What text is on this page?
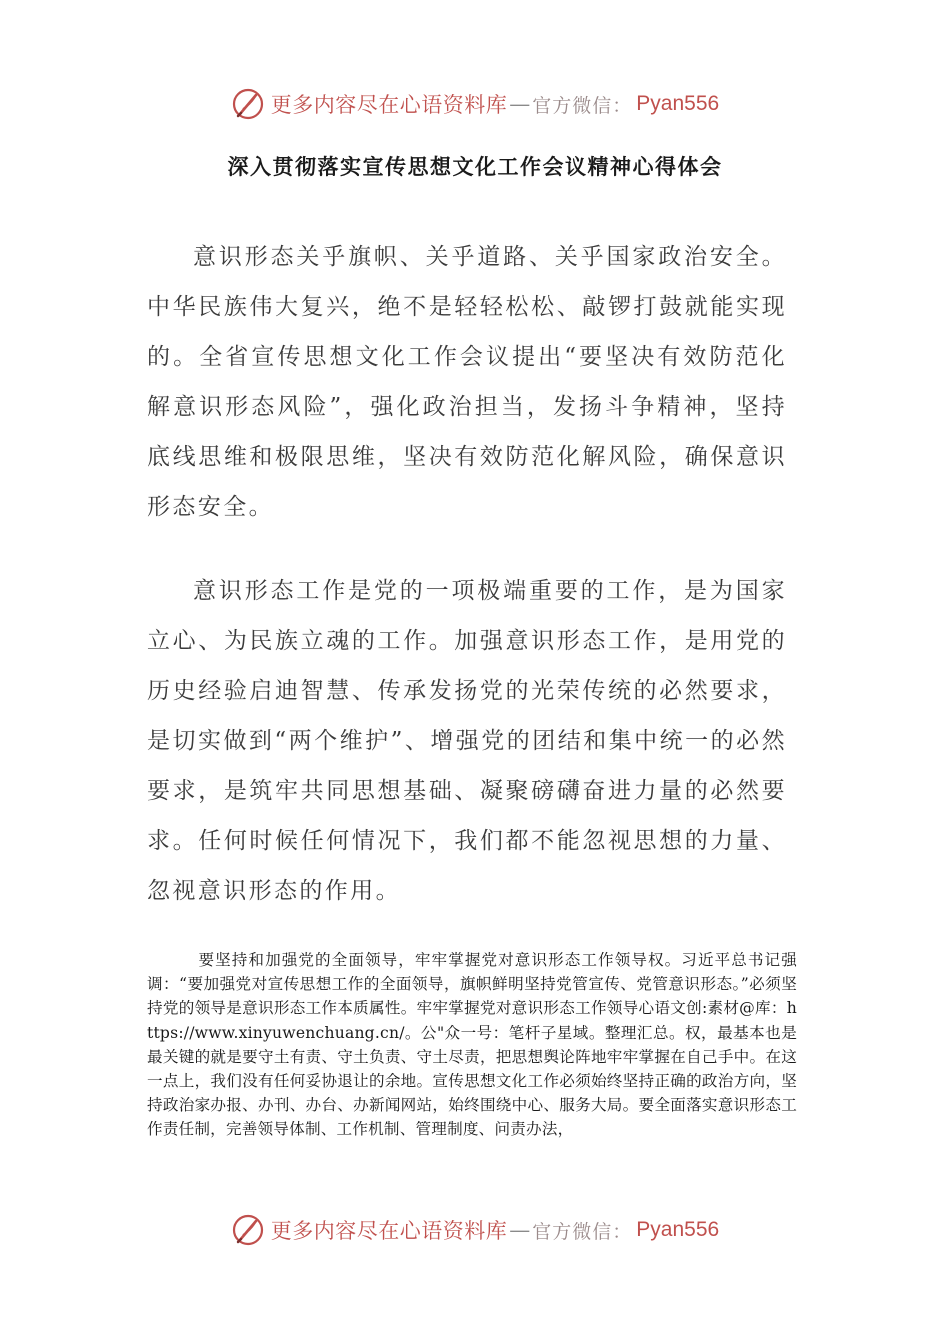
更多内容尽在心语资料库 — 官方微信： Pyan556
深入贯彻落实宣传思想文化工作会议精神心得体会

意识形态关乎旗帜、关乎道路、关乎国家政治安全。中华民族伟大复兴，绝不是轻轻松松、敲锣打鼓就能实现的。全省宣传思想文化工作会议提出“要坚决有效防范化解意识形态风险”，强化政治担当，发扬斗争精神，坚持底线思维和极限思维，坚决有效防范化解风险，确保意识形态安全。

意识形态工作是党的一项极端重要的工作，是为国家立心、为民族立魂的工作。加强意识形态工作，是用党的历史经验启迪智慧、传承发扬党的光荣传统的必然要求，是切实做到“两个维护”、增强党的团结和集中统一的必然要求，是筑牢共同思想基础、凝聚磅礴奋进力量的必然要求。任何时候任何情况下，我们都不能忽视思想的力量、忽视意识形态的作用。

要坚持和加强党的全面领导，牢牢掌握党对意识形态工作领导权。习近平总书记强调：“要加强党对宣传思想工作的全面领导，旗帜鲜明坚持党管宣传、党管意识形态。”必须坚持党的领导是意识形态工作本质属性。牢牢掌握党对意识形态工作领导心语文创:素材@库：https://www.xinyuwenchuang.cn/。公"众一号：笔杆子星域。整理汇总。权，最基本也是最关键的就是要守土有责、守土负责、守土尽责，把思想舆论阵地牢牢掌握在自己手中。在这一点上，我们没有任何妥协退让的余地。宣传思想文化工作必须始终坚持正确的政治方向，坚持政治家办报、办刊、办台、办新闻网站，始终围绕中心、服务大局。要全面落实意识形态工作责任制，完善领导体制、工作机制、管理制度、问责办法，

更多内容尽在心语资料库 — 官方微信： Pyan556
